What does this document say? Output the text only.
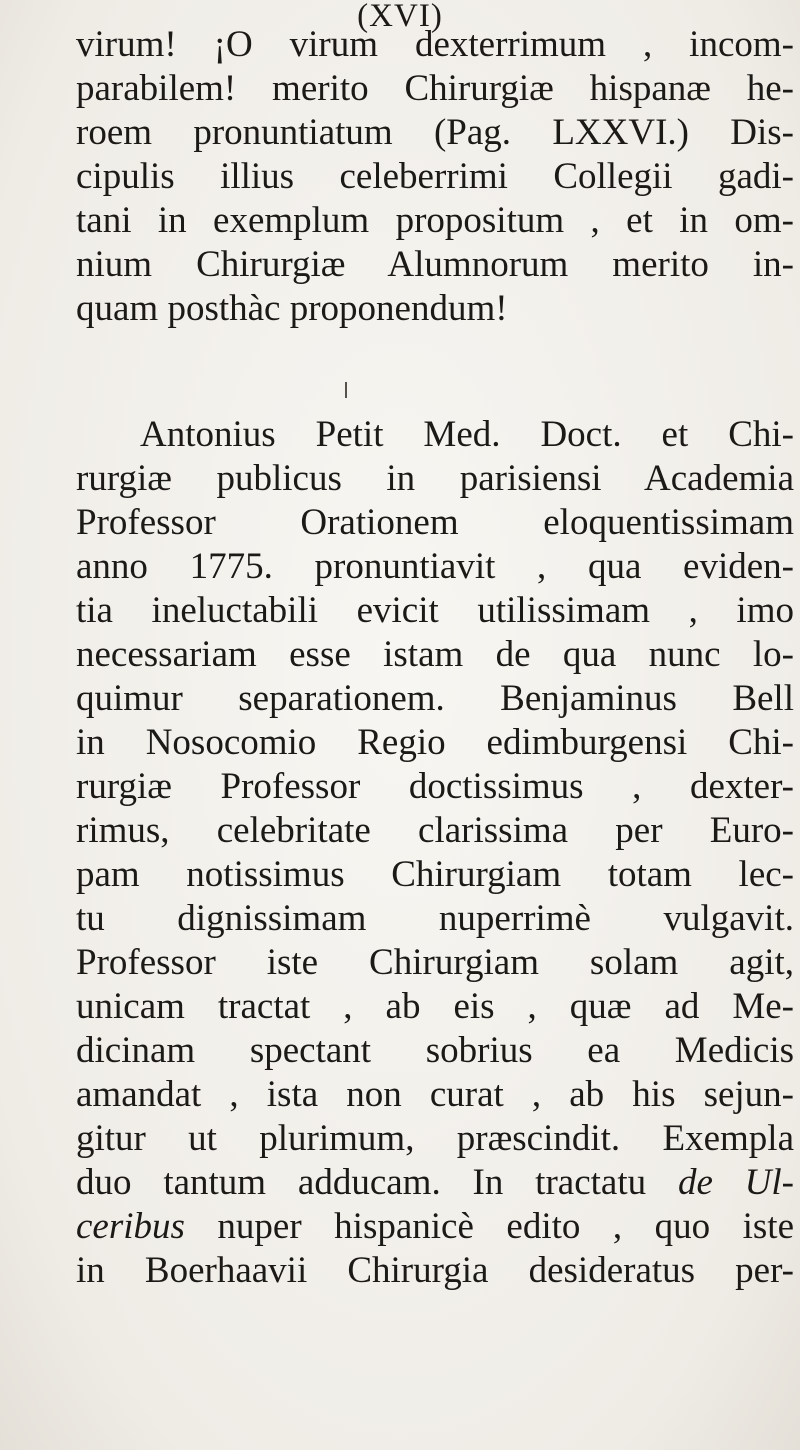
(XVI)
virum! ¡O virum dexterrimum , incom-
parabilem! merito Chirurgiæ hispanæ he-
roem pronuntiatum (Pag. LXXVI.) Dis-
cipulis illius celeberrimi Collegii gadi-
tani in exemplum propositum , et in om-
nium Chirurgiæ Alumnorum merito in-
quam posthàc proponendum!
Antonius Petit Med. Doct. et Chi-
rurgiæ publicus in parisiensi Academia
Professor Orationem eloquentissimam
anno 1775. pronuntiavit , qua eviden-
tia ineluctabili evicit utilissimam , imo
necessariam esse istam de qua nunc lo-
quimur separationem. Benjaminus Bell
in Nosocomio Regio edimburgensi Chi-
rurgiæ Professor doctissimus , dexter-
rimus, celebritate clarissima per Euro-
pam notissimus Chirurgiam totam lec-
tu dignissimam nuperrimè vulgavit.
Professor iste Chirurgiam solam agit,
unicam tractat , ab eis , quæ ad Me-
dicinam spectant sobrius ea Medicis
amandat , ista non curat , ab his sejun-
gitur ut plurimum, præscindit. Exempla
duo tantum adducam. In tractatu de Ul-
ceribus nuper hispanicè edito , quo iste
in Boerhaavii Chirurgia desideratus per-
